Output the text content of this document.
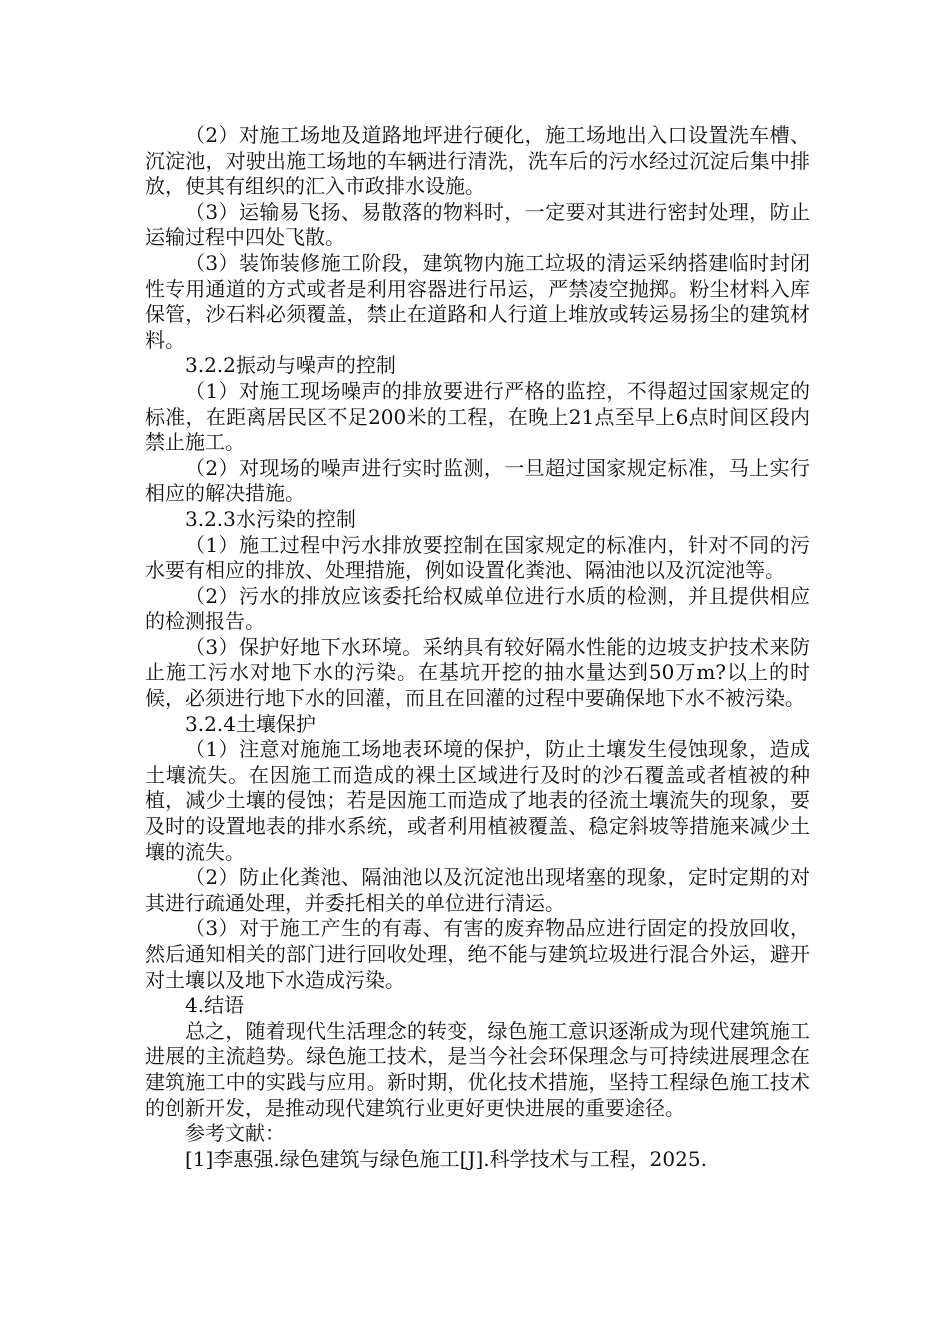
（2）对施工场地及道路地坪进行硬化，施工场地出入口设置洗车槽、沉淀池，对驶出施工场地的车辆进行清洗，洗车后的污水经过沉淀后集中排放，使其有组织的汇入市政排水设施。

（3）运输易飞扬、易散落的物料时，一定要对其进行密封处理，防止运输过程中四处飞散。

（3）装饰装修施工阶段，建筑物内施工垃圾的清运采纳搭建临时封闭性专用通道的方式或者是利用容器进行吊运，严禁凌空抛掷。粉尘材料入库保管，沙石料必须覆盖，禁止在道路和人行道上堆放或转运易扬尘的建筑材料。

3.2.2振动与噪声的控制

（1）对施工现场噪声的排放要进行严格的监控，不得超过国家规定的标准，在距离居民区不足200米的工程，在晚上21点至早上6点时间区段内禁止施工。

（2）对现场的噪声进行实时监测，一旦超过国家规定标准，马上实行相应的解决措施。

3.2.3水污染的控制

（1）施工过程中污水排放要控制在国家规定的标准内，针对不同的污水要有相应的排放、处理措施，例如设置化粪池、隔油池以及沉淀池等。

（2）污水的排放应该委托给权威单位进行水质的检测，并且提供相应的检测报告。

（3）保护好地下水环境。采纳具有较好隔水性能的边坡支护技术来防止施工污水对地下水的污染。在基坑开挖的抽水量达到50万m?以上的时候，必须进行地下水的回灌，而且在回灌的过程中要确保地下水不被污染。

3.2.4土壤保护

（1）注意对施施工场地表环境的保护，防止土壤发生侵蚀现象，造成土壤流失。在因施工而造成的裸土区域进行及时的沙石覆盖或者植被的种植，减少土壤的侵蚀；若是因施工而造成了地表的径流土壤流失的现象，要及时的设置地表的排水系统，或者利用植被覆盖、稳定斜坡等措施来减少土壤的流失。

（2）防止化粪池、隔油池以及沉淀池出现堵塞的现象，定时定期的对其进行疏通处理，并委托相关的单位进行清运。

（3）对于施工产生的有毒、有害的废弃物品应进行固定的投放回收，然后通知相关的部门进行回收处理，绝不能与建筑垃圾进行混合外运，避开对土壤以及地下水造成污染。

4.结语

总之，随着现代生活理念的转变，绿色施工意识逐渐成为现代建筑施工进展的主流趋势。绿色施工技术，是当今社会环保理念与可持续进展理念在建筑施工中的实践与应用。新时期，优化技术措施，坚持工程绿色施工技术的创新开发，是推动现代建筑行业更好更快进展的重要途径。

参考文献：

[1]李惠强.绿色建筑与绿色施工[J].科学技术与工程，2025.
